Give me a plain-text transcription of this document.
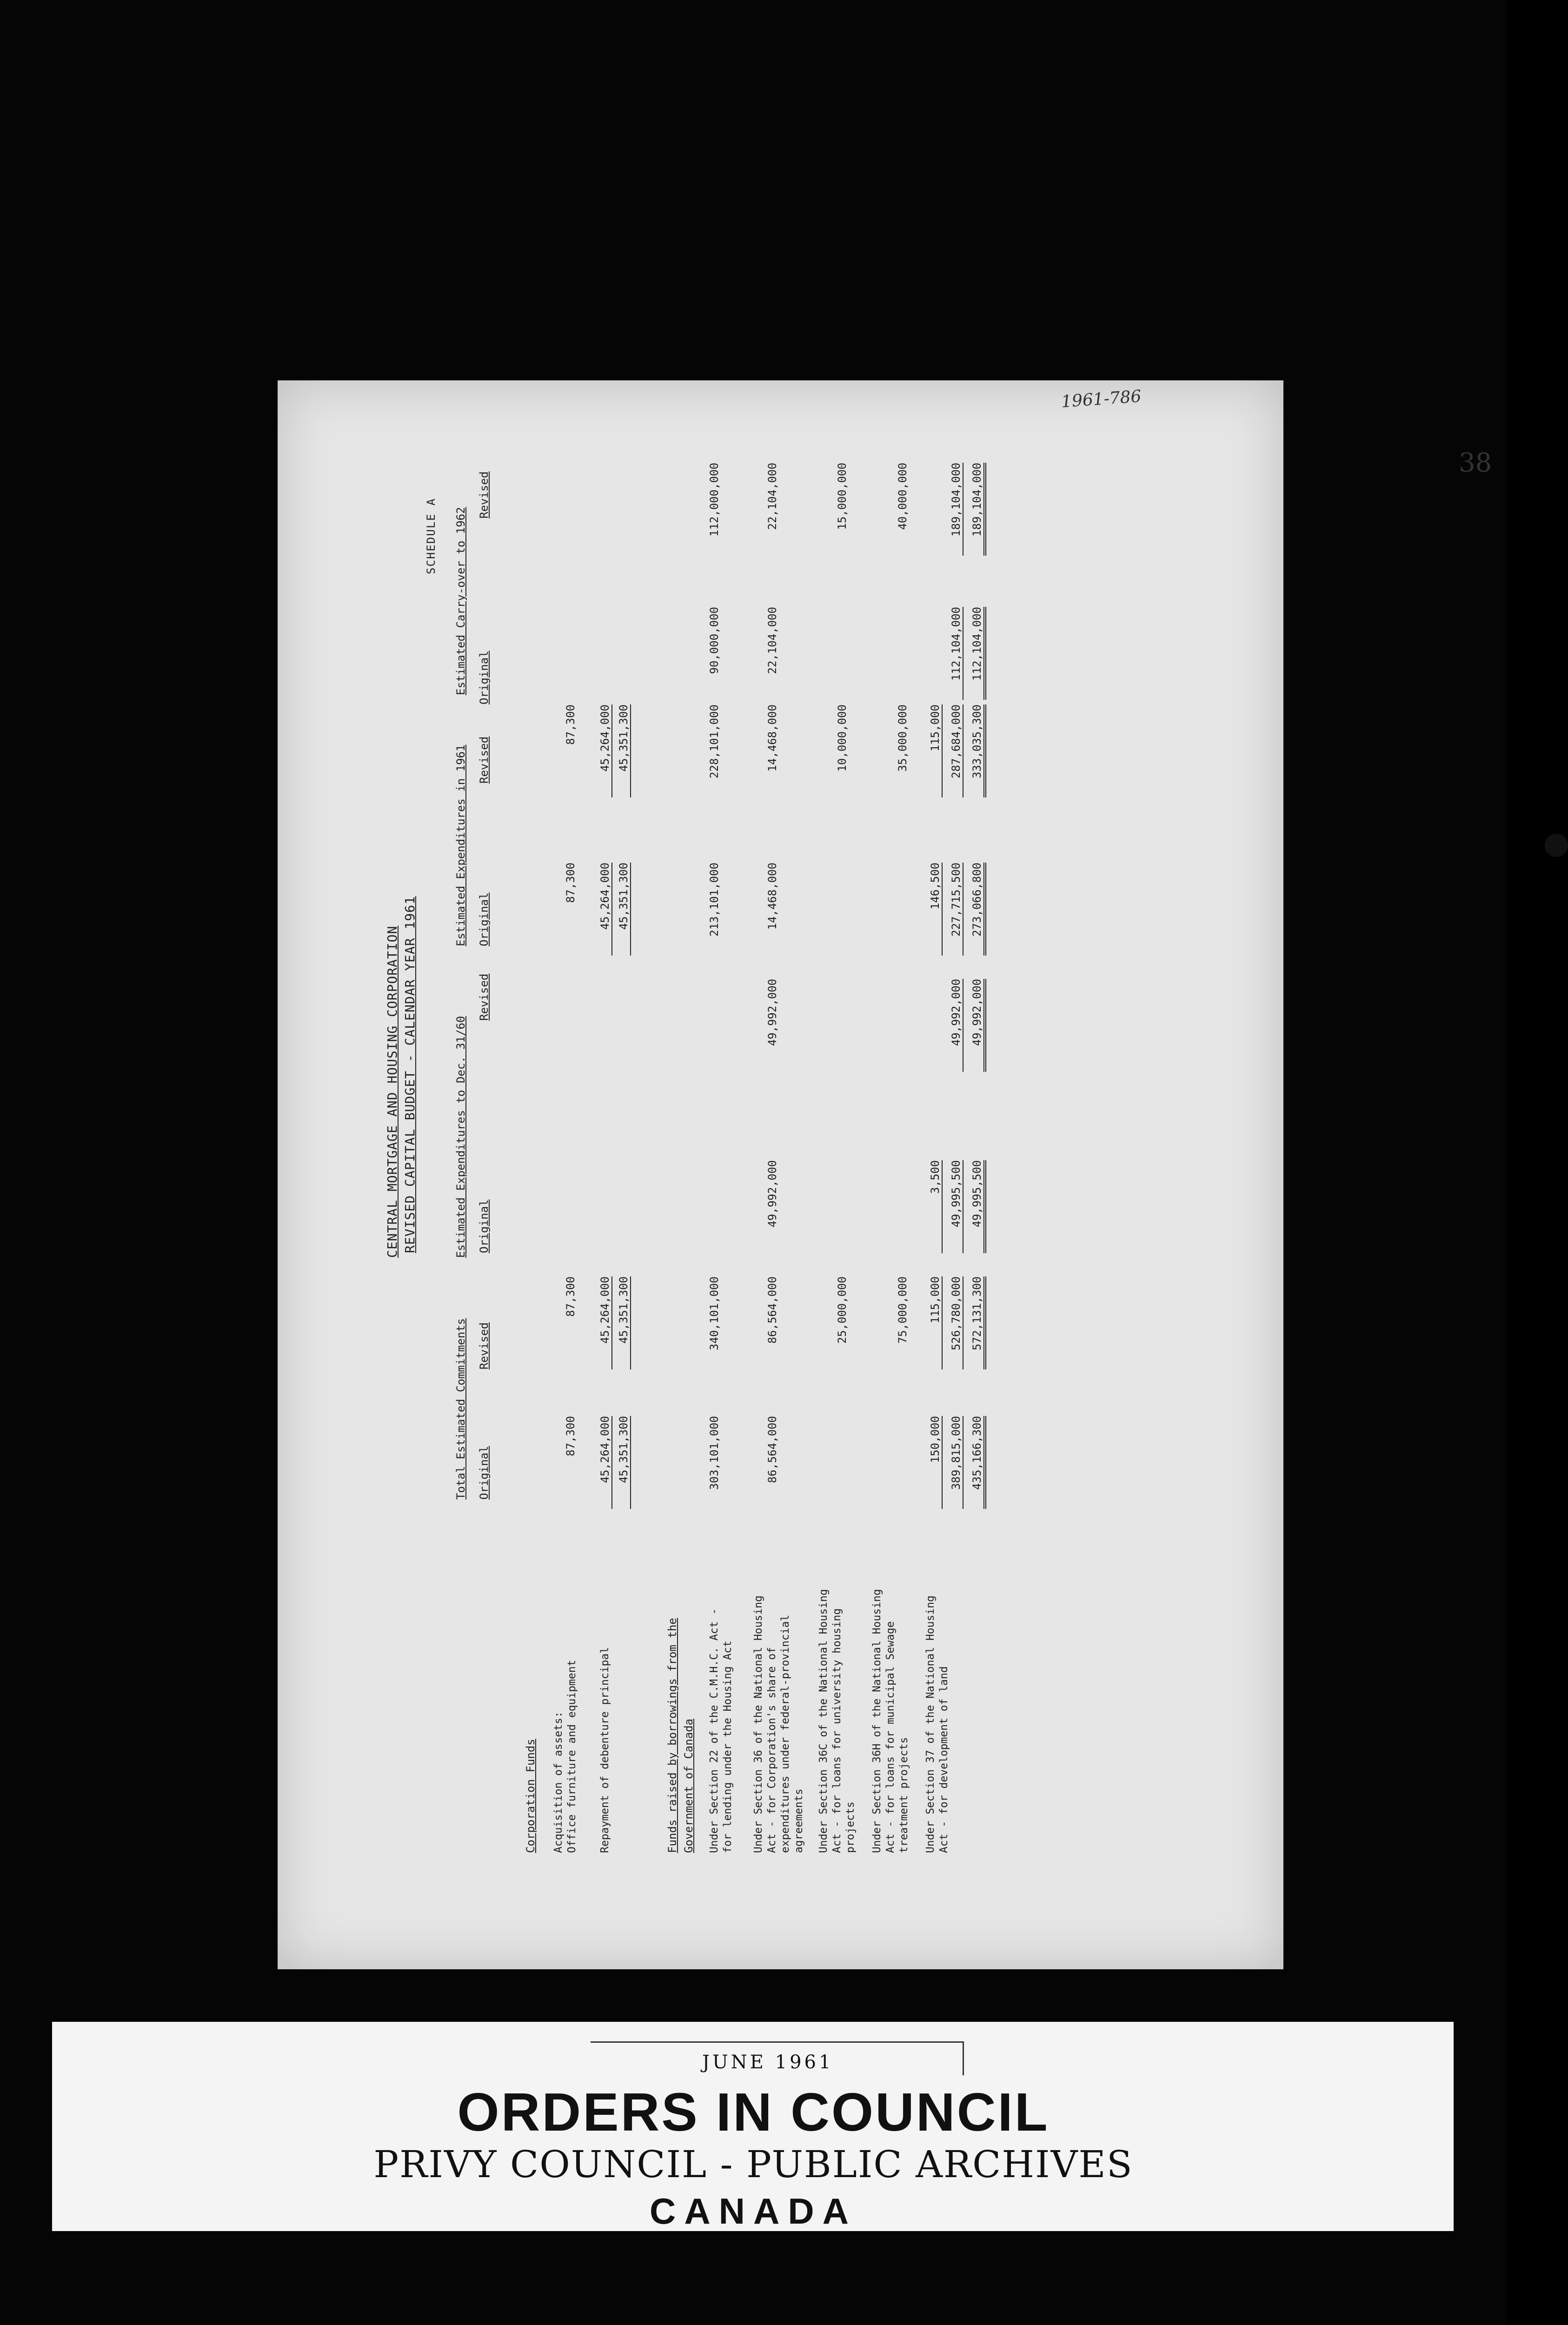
1961-786
38
SCHEDULE A
CENTRAL MORTGAGE AND HOUSING CORPORATION REVISED CAPITAL BUDGET - CALENDAR YEAR 1961
Total Estimated Commitments
Estimated Expenditures to Dec. 31/60
Estimated Expenditures in 1961
Estimated Carry-over to 1962
Original
Revised
Original
Revised
Original
Revised
Original
Revised
Corporation Funds Acquisition of assets:
Office furniture and equipment
87,300
87,300
87,300
87,300
Repayment of debenture principal
45,264,000
45,264,000
45,264,000
45,264,000
45,351,300
45,351,300
45,351,300
45,351,300
Funds raised by borrowings from the Government of Canada Under Section 22 of the C.M.H.C. Act -
for lending under the Housing Act
303,101,000
340,101,000
213,101,000
228,101,000
90,000,000
112,000,000
Under Section 36 of the National Housing
Act - for Corporation's share of
expenditures under federal-provincial
agreements
86,564,000
86,564,000
49,992,000
49,992,000
14,468,000
14,468,000
22,104,000
22,104,000
Under Section 36C of the National Housing
Act - for loans for university housing
projects
25,000,000
10,000,000
15,000,000
Under Section 36H of the National Housing
Act - for loans for municipal Sewage
treatment projects
75,000,000
35,000,000
40,000,000
Under Section 37 of the National Housing
Act - for development of land
150,000
115,000
3,500
146,500
115,000
389,815,000
526,780,000
49,995,500
49,992,000
227,715,500
287,684,000
112,104,000
189,104,000
435,166,300
572,131,300
49,995,500
49,992,000
273,066,800
333,035,300
112,104,000
189,104,000
JUNE 1961
ORDERS IN COUNCIL
PRIVY COUNCIL - PUBLIC ARCHIVES
CANADA
